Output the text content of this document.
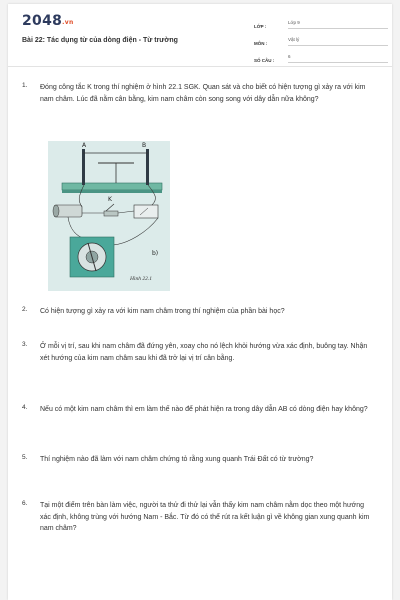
2048.vn
Bài 22: Tác dụng từ của dòng điện - Từ trường
LỚP :
Lớp 9
MÔN :
Vật lý
SỐ CÂU :
6
1.	Đóng công tắc K trong thí nghiệm ở hình 22.1 SGK. Quan sát và cho biết có hiện tượng gì xảy ra với kim nam châm. Lúc đã nằm cân bằng, kim nam châm còn song song với dây dẫn nữa không?
A	B
K
b)
Hình 22.1
2.	Có hiện tượng gì xảy ra với kim nam châm trong thí nghiệm của phần bài học?
3.	Ở mỗi vị trí, sau khi nam châm đã đứng yên, xoay cho nó lệch khỏi hướng vừa xác định, buông tay. Nhận xét hướng của kim nam châm sau khi đã trở lại vị trí cân bằng.
4.	Nếu có một kim nam châm thì em làm thế nào để phát hiện ra trong dây dẫn AB có dòng điện hay không?
5.	Thí nghiệm nào đã làm với nam châm chứng tỏ rằng xung quanh Trái Đất có từ trường?
6.	Tại một điểm trên bàn làm việc, người ta thử đi thử lại vẫn thấy kim nam châm nằm dọc theo một hướng xác định, không trùng với hướng Nam - Bắc. Từ đó có thể rút ra kết luận gì về không gian xung quanh kim nam châm?
